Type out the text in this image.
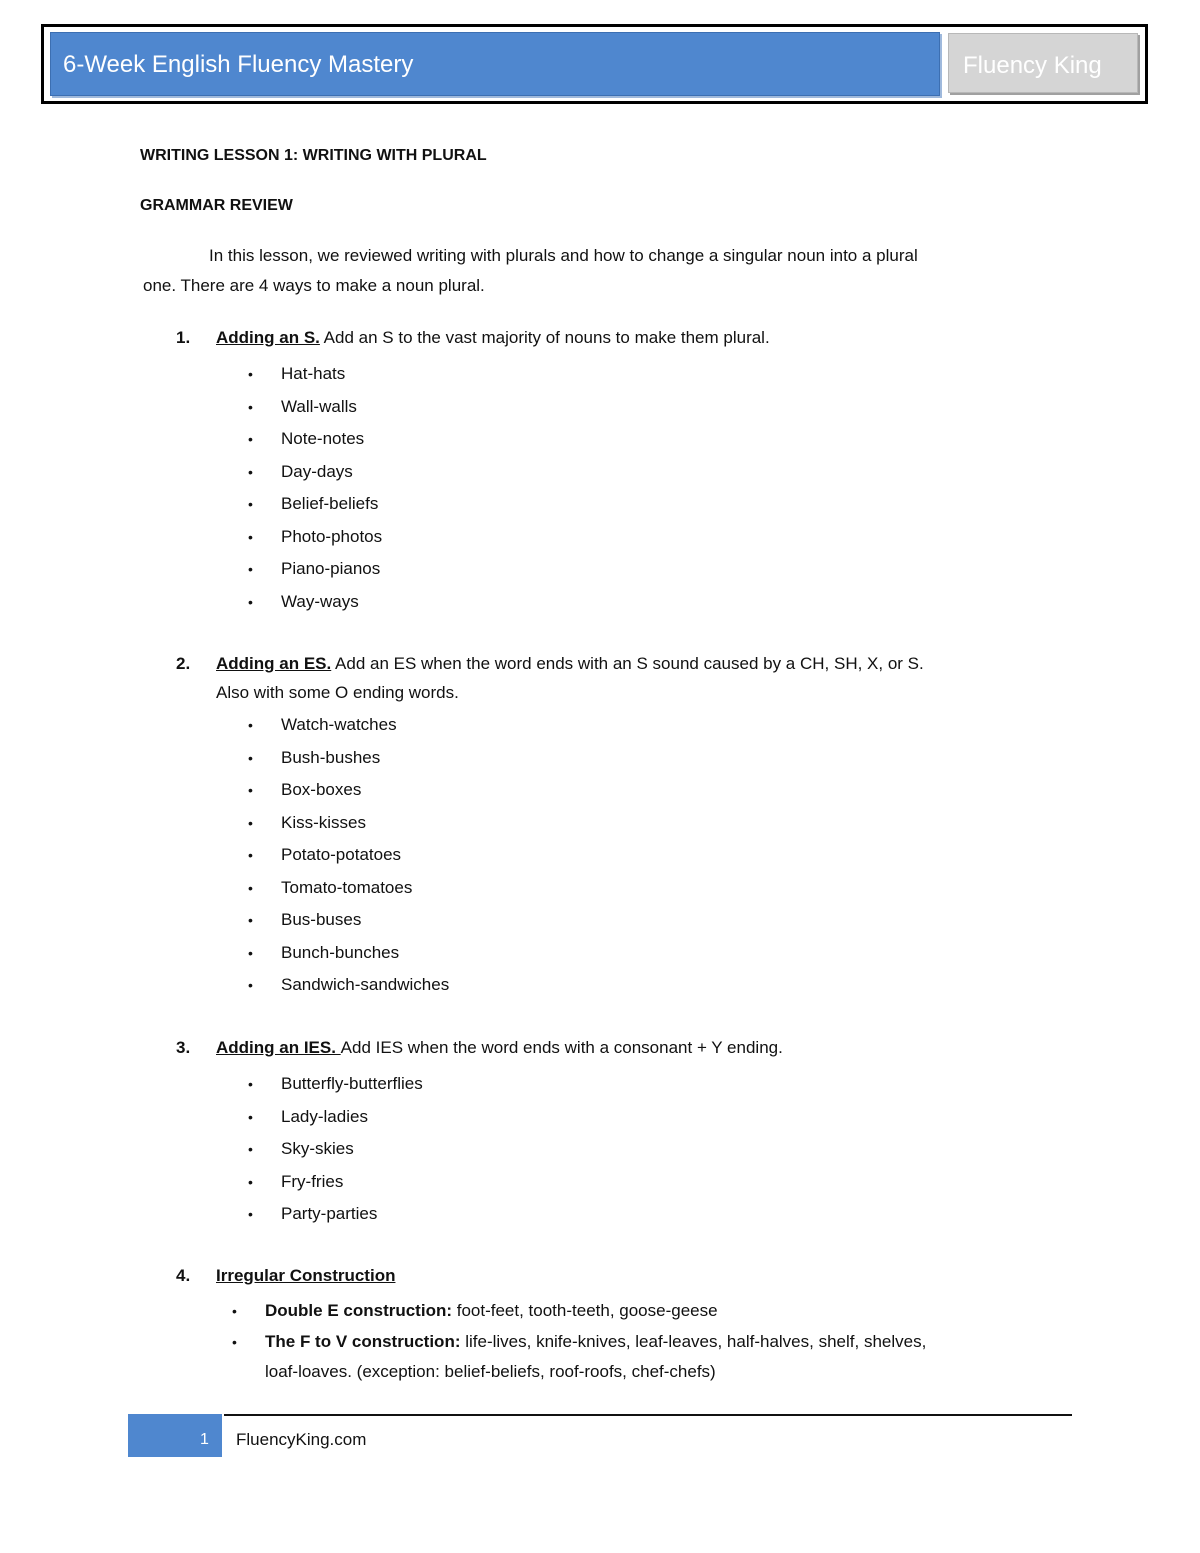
6-Week English Fluency Mastery	Fluency King
WRITING LESSON 1: WRITING WITH PLURAL
GRAMMAR REVIEW
In this lesson, we reviewed writing with plurals and how to change a singular noun into a plural
one. There are 4 ways to make a noun plural.
1. Adding an S. Add an S to the vast majority of nouns to make them plural.
• Hat-hats
• Wall-walls
• Note-notes
• Day-days
• Belief-beliefs
• Photo-photos
• Piano-pianos
• Way-ways
2. Adding an ES. Add an ES when the word ends with an S sound caused by a CH, SH, X, or S.
Also with some O ending words.
• Watch-watches
• Bush-bushes
• Box-boxes
• Kiss-kisses
• Potato-potatoes
• Tomato-tomatoes
• Bus-buses
• Bunch-bunches
• Sandwich-sandwiches
3. Adding an IES. Add IES when the word ends with a consonant + Y ending.
• Butterfly-butterflies
• Lady-ladies
• Sky-skies
• Fry-fries
• Party-parties
4. Irregular Construction
•	Double E construction: foot-feet, tooth-teeth, goose-geese
•	The F to V construction: life-lives, knife-knives, leaf-leaves, half-halves, shelf, shelves,
loaf-loaves. (exception: belief-beliefs, roof-roofs, chef-chefs)
1 FluencyKing.com
